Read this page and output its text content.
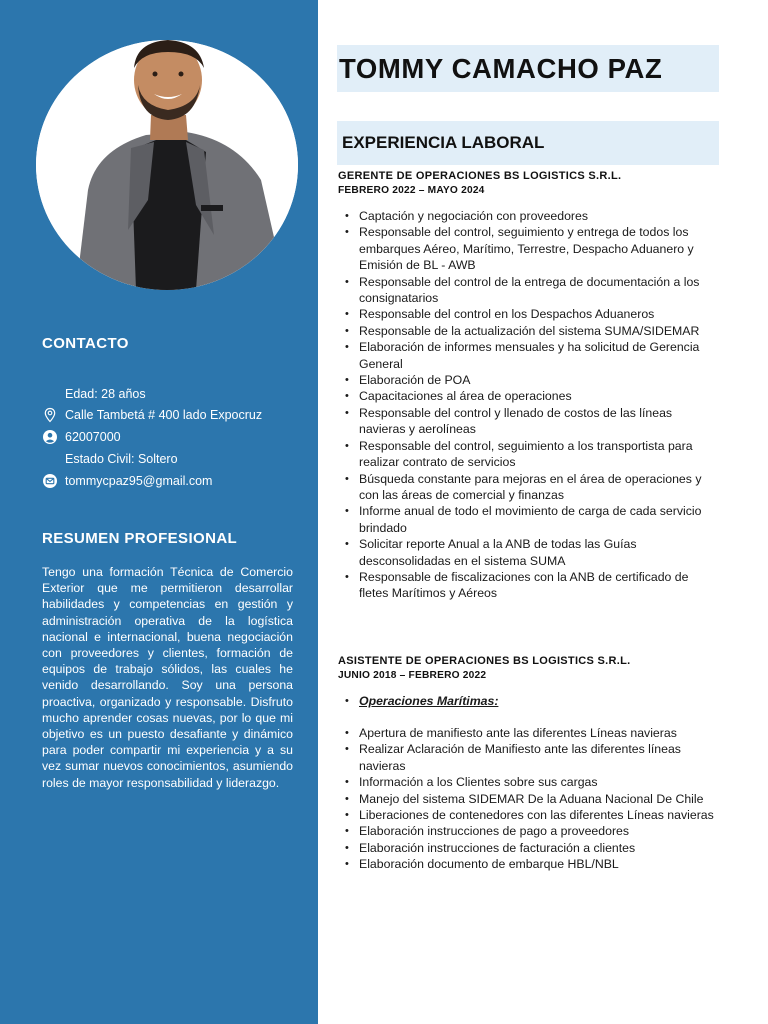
CONTACTO
Edad: 28 años
Calle Tambetá # 400 lado Expocruz
62007000
Estado Civil: Soltero
tommycpaz95@gmail.com
RESUMEN PROFESIONAL
Tengo una formación Técnica de Comercio Exterior que me permitieron desarrollar habilidades y competencias en gestión y administración operativa de la logística nacional e internacional, buena negociación con proveedores y clientes, formación de equipos de trabajo sólidos, las cuales he venido desarrollando. Soy una persona proactiva, organizado y responsable. Disfruto mucho aprender cosas nuevas, por lo que mi objetivo es un puesto desafiante y dinámico para poder compartir mi experiencia y a su vez sumar nuevos conocimientos, asumiendo roles de mayor responsabilidad y liderazgo.
TOMMY CAMACHO PAZ
EXPERIENCIA LABORAL
GERENTE DE OPERACIONES BS LOGISTICS S.R.L.
FEBRERO 2022 – MAYO 2024
• Captación y negociación con proveedores
• Responsable del control, seguimiento y entrega de todos los embarques Aéreo, Marítimo, Terrestre, Despacho Aduanero y Emisión de BL - AWB
• Responsable del control de la entrega de documentación a los consignatarios
• Responsable del control en los Despachos Aduaneros
• Responsable de la actualización del sistema SUMA/SIDEMAR
• Elaboración de informes mensuales y ha solicitud de Gerencia General
• Elaboración de POA
• Capacitaciones al área de operaciones
• Responsable del control y llenado de costos de las líneas navieras y aerolíneas
• Responsable del control, seguimiento a los transportista para realizar contrato de servicios
• Búsqueda constante para mejoras en el área de operaciones y con las áreas de comercial y finanzas
• Informe anual de todo el movimiento de carga de cada servicio brindado
• Solicitar reporte Anual a la ANB de todas las Guías desconsolidadas en el sistema SUMA
• Responsable de fiscalizaciones con la ANB de certificado de fletes Marítimos y Aéreos
ASISTENTE DE OPERACIONES BS LOGISTICS S.R.L.
JUNIO 2018 – FEBRERO 2022
• Operaciones Marítimas:
• Apertura de manifiesto ante las diferentes Líneas navieras
• Realizar Aclaración de Manifiesto ante las diferentes líneas navieras
• Información a los Clientes sobre sus cargas
• Manejo del sistema SIDEMAR De la Aduana Nacional De Chile
• Liberaciones de contenedores con las diferentes Líneas navieras
• Elaboración instrucciones de pago a proveedores
• Elaboración instrucciones de facturación a clientes
• Elaboración documento de embarque HBL/NBL
